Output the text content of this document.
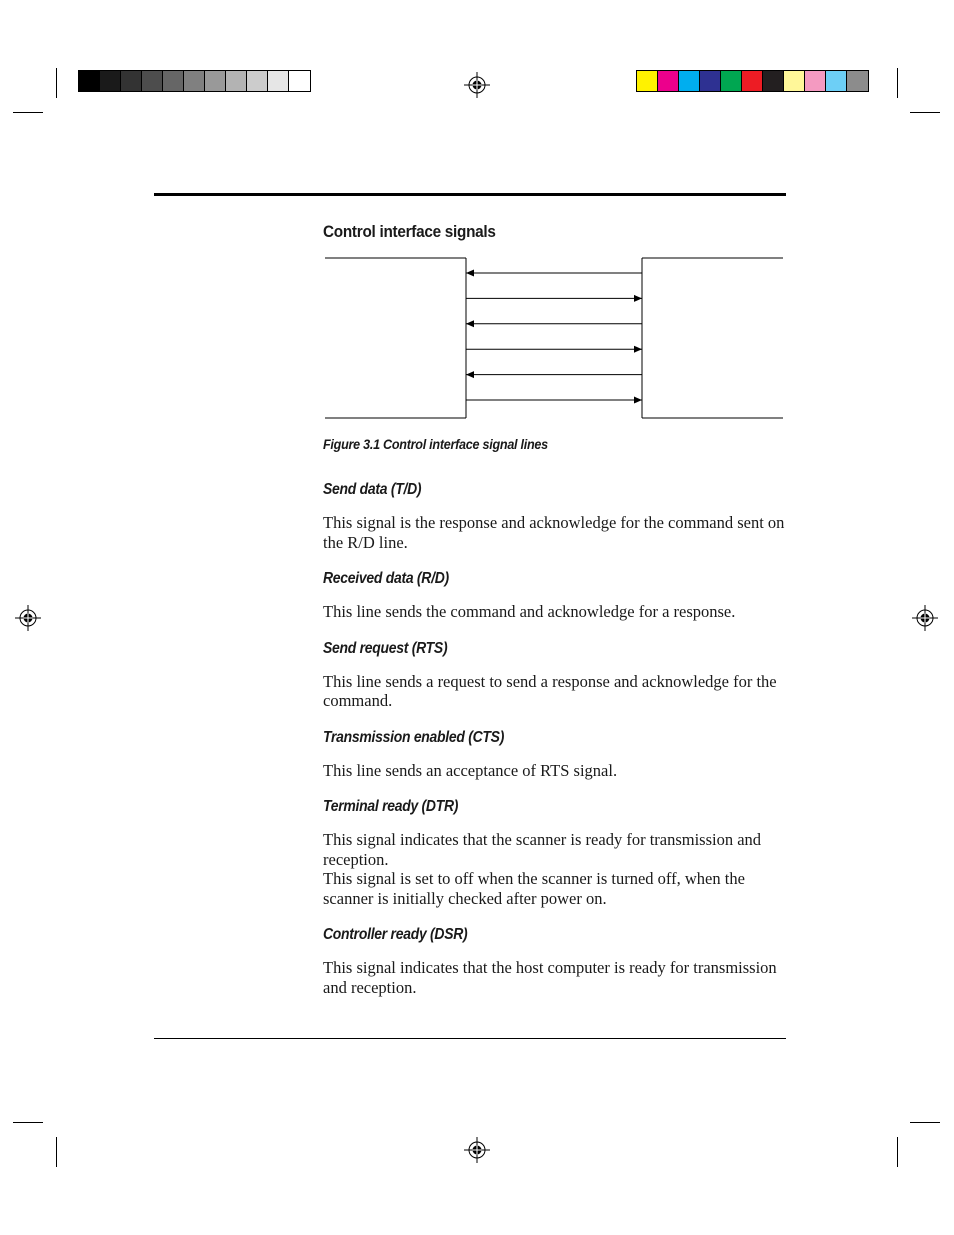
Control interface signals

Figure 3.1 Control interface signal lines

Send data (T/D)

This signal is the response and acknowledge for the command sent on the R/D line.

Received data (R/D)

This line sends the command and acknowledge for a response.

Send request (RTS)

This line sends a request to send a response and acknowledge for the command.

Transmission enabled (CTS)

This line sends an acceptance of RTS signal.

Terminal ready (DTR)

This signal indicates that the scanner is ready for transmission and reception.

This signal is set to off when the scanner is turned off, when the scanner is initially checked after power on.

Controller ready (DSR)

This signal indicates that the host computer is ready for transmission and reception.
